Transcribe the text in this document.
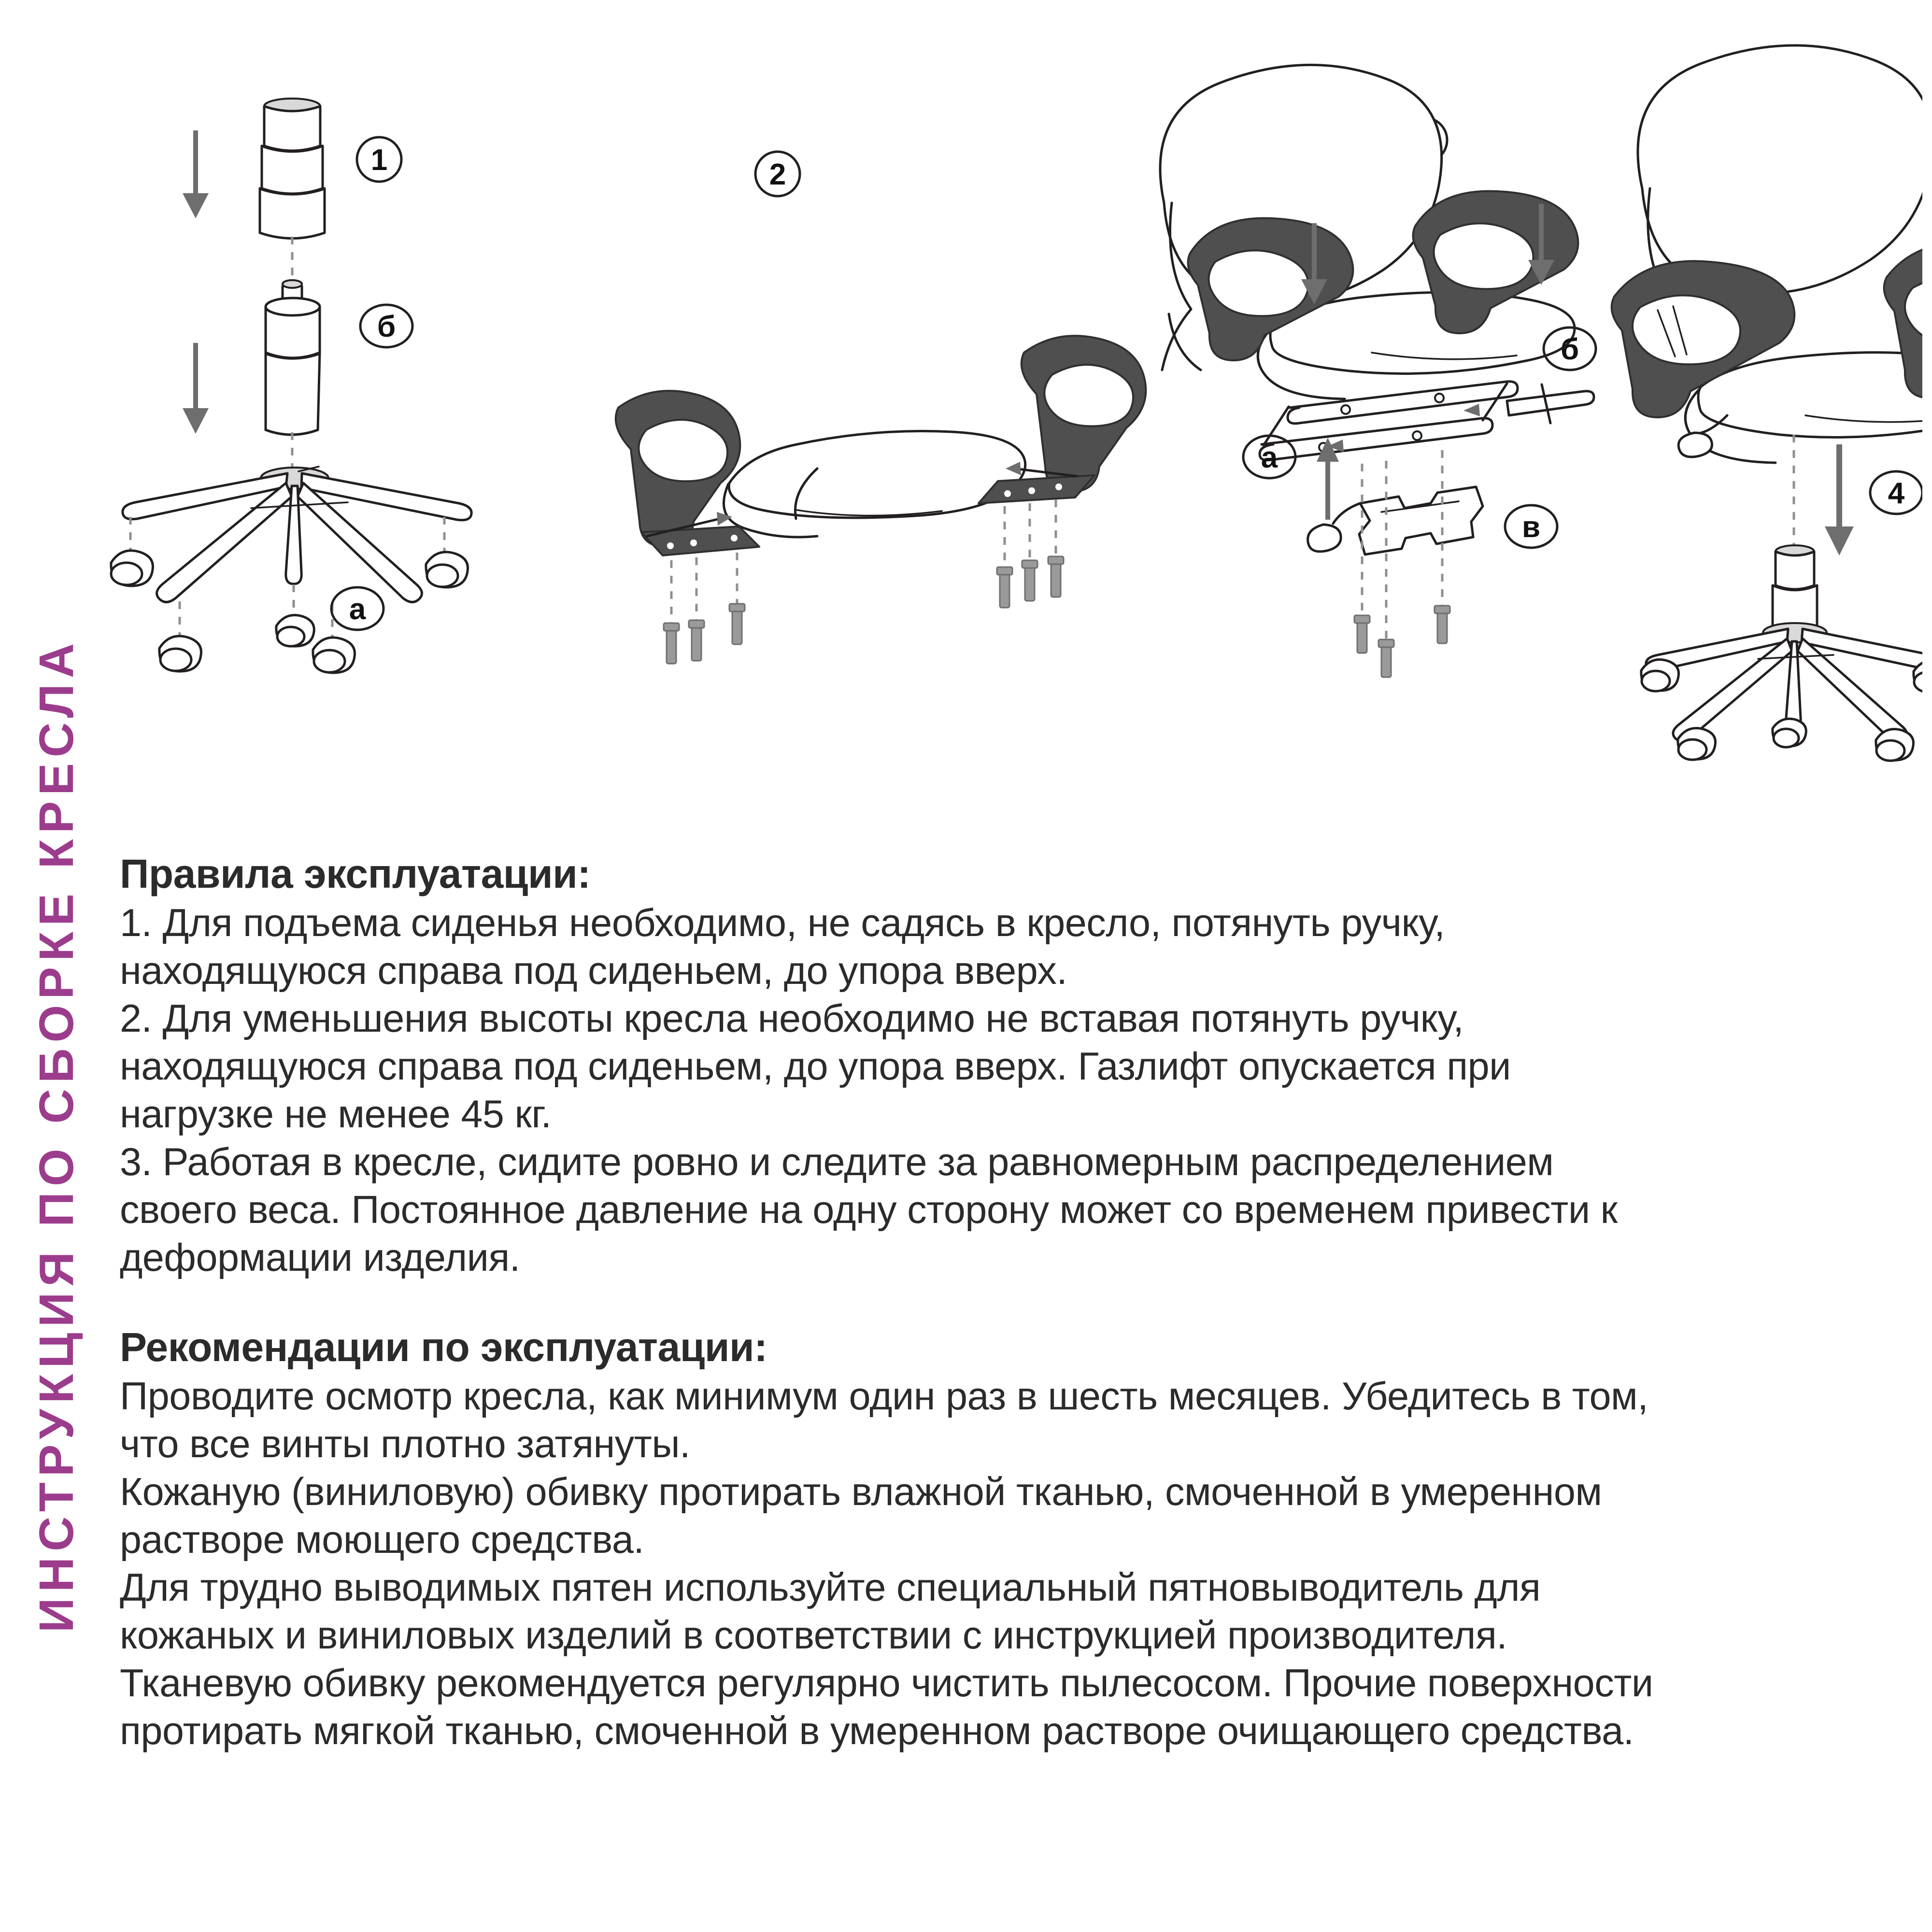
ИНСТРУКЦИЯ ПО СБОРКЕ КРЕСЛА
1
б
а
2
б
а
в
4
Правила эксплуатации:

1. Для подъема сиденья необходимо, не садясь в кресло, потянуть ручку,

находящуюся справа под сиденьем, до упора вверх.

2. Для уменьшения высоты кресла необходимо не вставая потянуть ручку,

находящуюся справа под сиденьем, до упора вверх. Газлифт опускается при

нагрузке не менее 45 кг.

3. Работая в кресле, сидите ровно и следите за равномерным распределением

своего веса. Постоянное давление на одну сторону может со временем привести к

деформации изделия.

Рекомендации по эксплуатации:

Проводите осмотр кресла, как минимум один раз в шесть месяцев. Убедитесь в том,

что все винты плотно затянуты.

Кожаную (виниловую) обивку протирать влажной тканью, смоченной в умеренном

растворе моющего средства.

Для трудно выводимых пятен используйте специальный пятновыводитель для

кожаных и виниловых изделий в соответствии с инструкцией производителя.

Тканевую обивку рекомендуется регулярно чистить пылесосом. Прочие поверхности

протирать мягкой тканью, смоченной в умеренном растворе очищающего средства.
